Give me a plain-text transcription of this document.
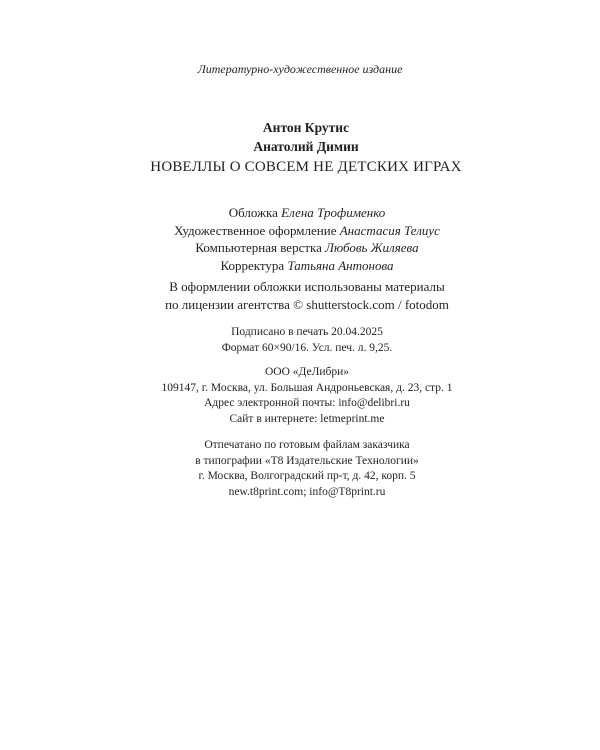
Литературно-художественное издание
Антон Крутис
Анатолий Димин
НОВЕЛЛЫ О СОВСЕМ НЕ ДЕТСКИХ ИГРАХ
Обложка Елена Трофименко
Художественное оформление Анастасия Телиус
Компьютерная верстка Любовь Жиляева
Корректура Татьяна Антонова
В оформлении обложки использованы материалы
по лицензии агентства © shutterstock.com / fotodom
Подписано в печать 20.04.2025
Формат 60×90/16. Усл. печ. л. 9,25.
ООО «ДеЛибри»
109147, г. Москва, ул. Большая Андроньевская, д. 23, стр. 1
Адрес электронной почты: info@delibri.ru
Сайт в интернете: letmeprint.me
Отпечатано по готовым файлам заказчика
в типографии «Т8 Издательские Технологии»
г. Москва, Волгоградский пр-т, д. 42, корп. 5
new.t8print.com; info@T8print.ru
